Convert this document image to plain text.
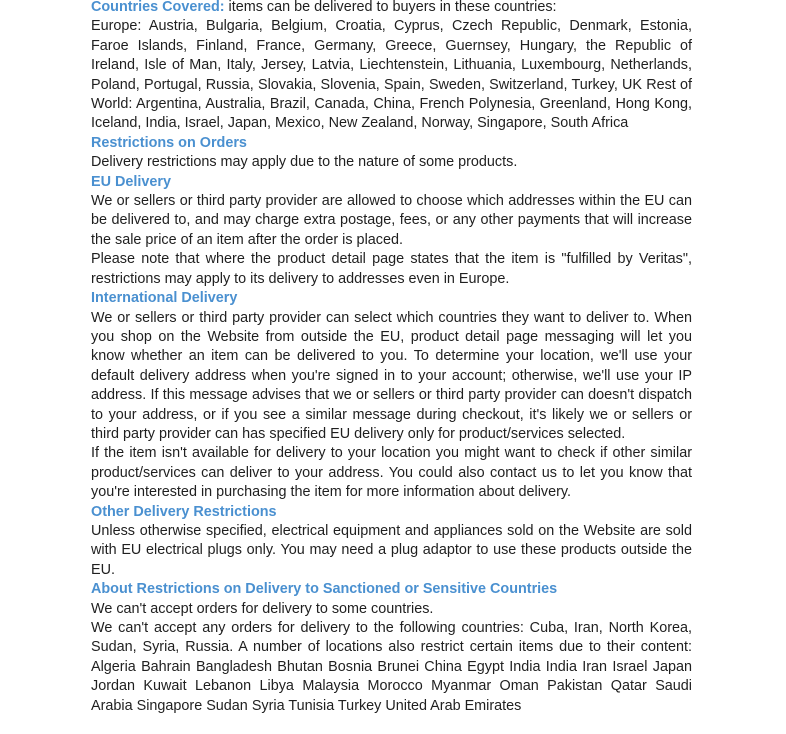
Countries Covered: items can be delivered to buyers in these countries:

Europe: Austria, Bulgaria, Belgium, Croatia, Cyprus, Czech Republic, Denmark, Estonia, Faroe Islands, Finland, France, Germany, Greece, Guernsey, Hungary, the Republic of Ireland, Isle of Man, Italy, Jersey, Latvia, Liechtenstein, Lithuania, Luxembourg, Netherlands, Poland, Portugal, Russia, Slovakia, Slovenia, Spain, Sweden, Switzerland, Turkey, UK Rest of World: Argentina, Australia, Brazil, Canada, China, French Polynesia, Greenland, Hong Kong, Iceland, India, Israel, Japan, Mexico, New Zealand, Norway, Singapore, South Africa

Restrictions on Orders

Delivery restrictions may apply due to the nature of some products.

EU Delivery

We or sellers or third party provider are allowed to choose which addresses within the EU can be delivered to, and may charge extra postage, fees, or any other payments that will increase the sale price of an item after the order is placed.

Please note that where the product detail page states that the item is "fulfilled by Veritas", restrictions may apply to its delivery to addresses even in Europe.

International Delivery

We or sellers or third party provider can select which countries they want to deliver to. When you shop on the Website from outside the EU, product detail page messaging will let you know whether an item can be delivered to you. To determine your location, we'll use your default delivery address when you're signed in to your account; otherwise, we'll use your IP address. If this message advises that we or sellers or third party provider can doesn't dispatch to your address, or if you see a similar message during checkout, it's likely we or sellers or third party provider can has specified EU delivery only for product/services selected.

If the item isn't available for delivery to your location you might want to check if other similar product/services can deliver to your address. You could also contact us to let you know that you're interested in purchasing the item for more information about delivery.

Other Delivery Restrictions

Unless otherwise specified, electrical equipment and appliances sold on the Website are sold with EU electrical plugs only. You may need a plug adaptor to use these products outside the EU.

About Restrictions on Delivery to Sanctioned or Sensitive Countries

We can't accept orders for delivery to some countries.

We can't accept any orders for delivery to the following countries: Cuba, Iran, North Korea, Sudan, Syria, Russia. A number of locations also restrict certain items due to their content: Algeria Bahrain Bangladesh Bhutan Bosnia Brunei China Egypt India India Iran Israel Japan Jordan Kuwait Lebanon Libya Malaysia Morocco Myanmar Oman Pakistan Qatar Saudi Arabia Singapore Sudan Syria Tunisia Turkey United Arab Emirates
